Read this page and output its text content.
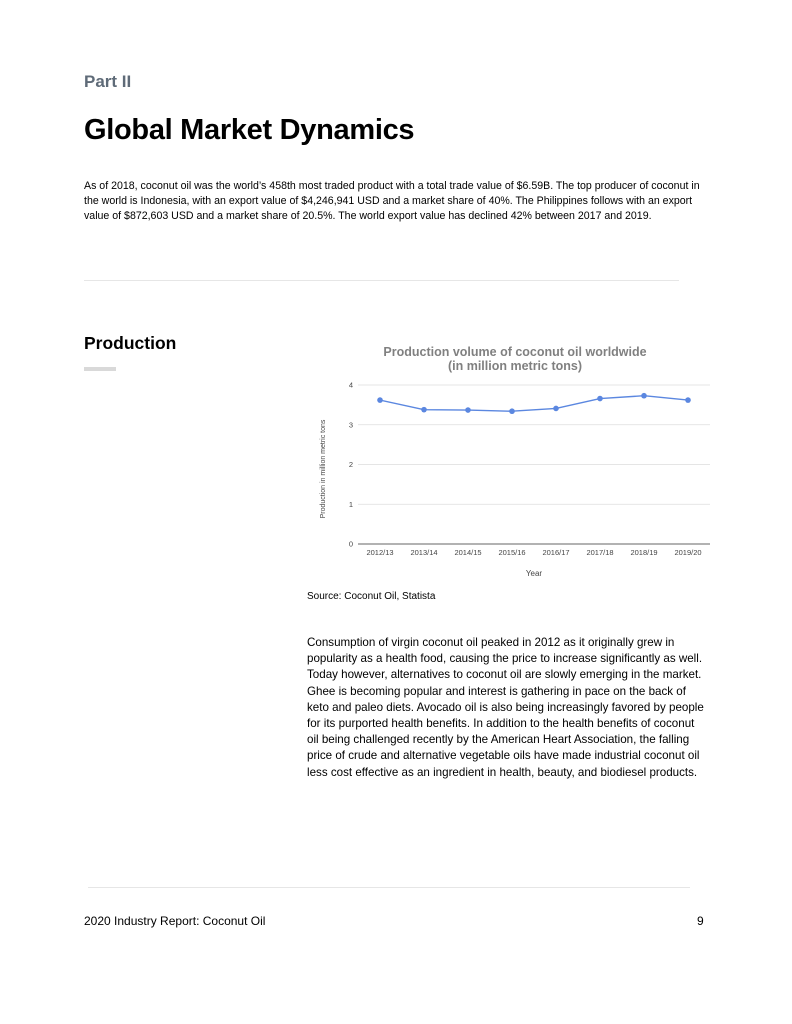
Part II
Global Market Dynamics

As of 2018, coconut oil was the world’s 458th most traded product with a total trade value of $6.59B. The top producer of coconut in the world is Indonesia, with an export value of $4,246,941 USD and a market share of 40%. The Philippines follows with an export value of $872,603 USD and a market share of 20.5%. The world export value has declined 42% between 2017 and 2019.

Production	Production volume of coconut oil worldwide
(in million metric tons)
0
1
2
3
4
2012/13 2013/14 2014/15 2015/16 2016/17 2017/18 2018/19 2019/20
Year
Production in million metric tons
Source: Coconut Oil, Statista

Consumption of virgin coconut oil peaked in 2012 as it originally grew in popularity as a health food, causing the price to increase significantly as well. Today however, alternatives to coconut oil are slowly emerging in the market. Ghee is becoming popular and interest is gathering in pace on the back of keto and paleo diets. Avocado oil is also being increasingly favored by people for its purported health benefits. In addition to the health benefits of coconut oil being challenged recently by the American Heart Association, the falling price of crude and alternative vegetable oils have made industrial coconut oil less cost effective as an ingredient in health, beauty, and biodiesel products.

2020 Industry Report: Coconut Oil	9
